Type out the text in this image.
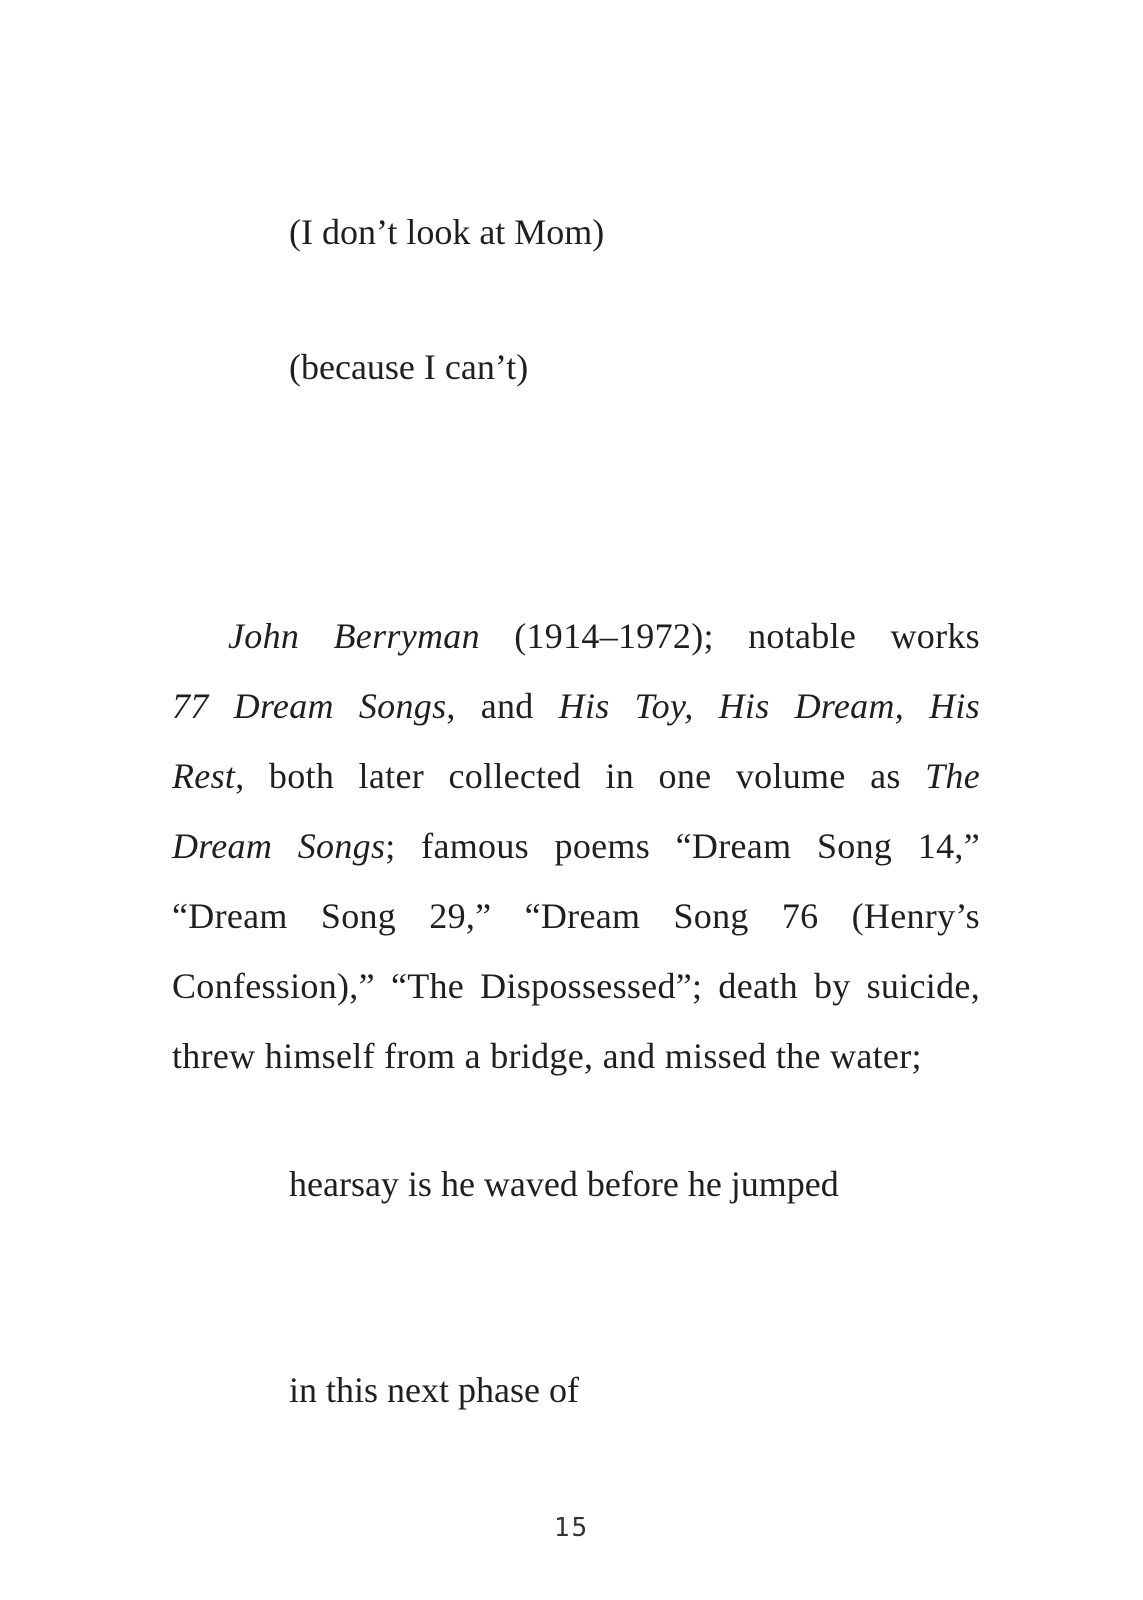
(I don’t look at Mom)
(because I can’t)
John Berryman (1914–1972); notable works
77 Dream Songs, and His Toy, His Dream, His
Rest, both later collected in one volume as The
Dream Songs; famous poems “Dream Song 14,”
“Dream Song 29,” “Dream Song 76 (Henry’s
Confession),” “The Dispossessed”; death by suicide,
threw himself from a bridge, and missed the water;
hearsay is he waved before he jumped
in this next phase of
15
